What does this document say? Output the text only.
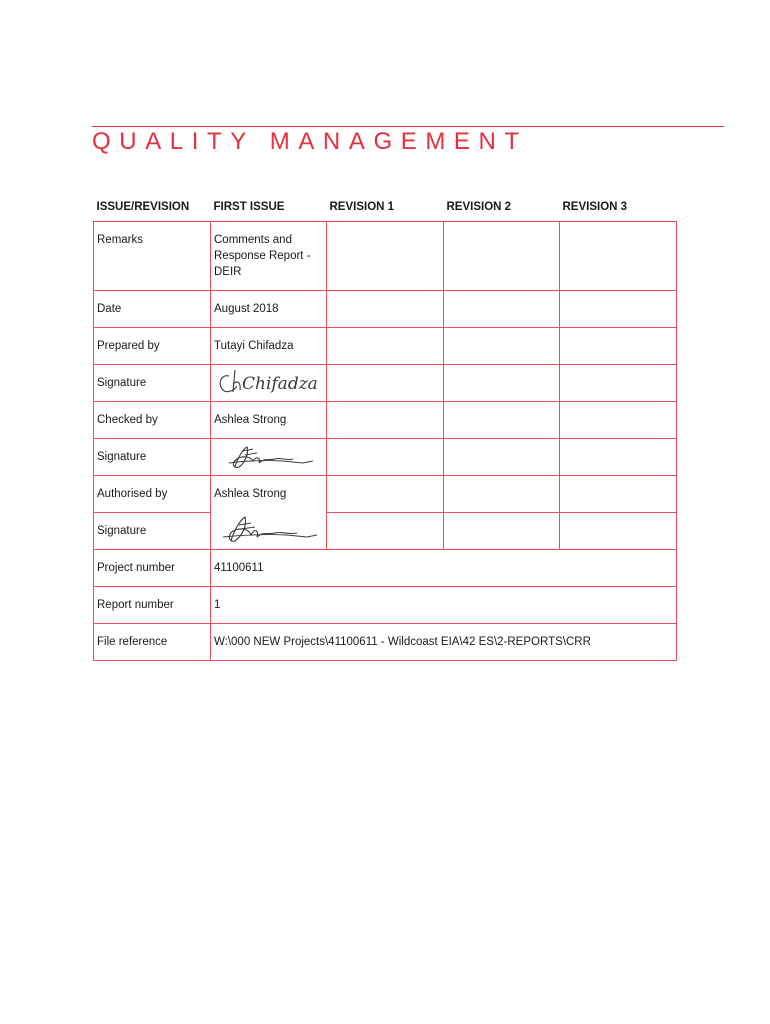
QUALITY MANAGEMENT
ISSUE/REVISION	FIRST ISSUE	REVISION 1	REVISION 2	REVISION 3
Remarks	Comments and Response Report - DEIR			
Date	August 2018			
Prepared by	Tutayi Chifadza			
Signature	Chifadza			

Checked by	Ashlea Strong			
Signature	

Authorised by	Ashlea Strong			
Signature	

Project number	41100611			
Report number	1			
File reference	W:\000 NEW Projects\41100611 - Wildcoast EIA\42 ES\2-REPORTS\CRR			
